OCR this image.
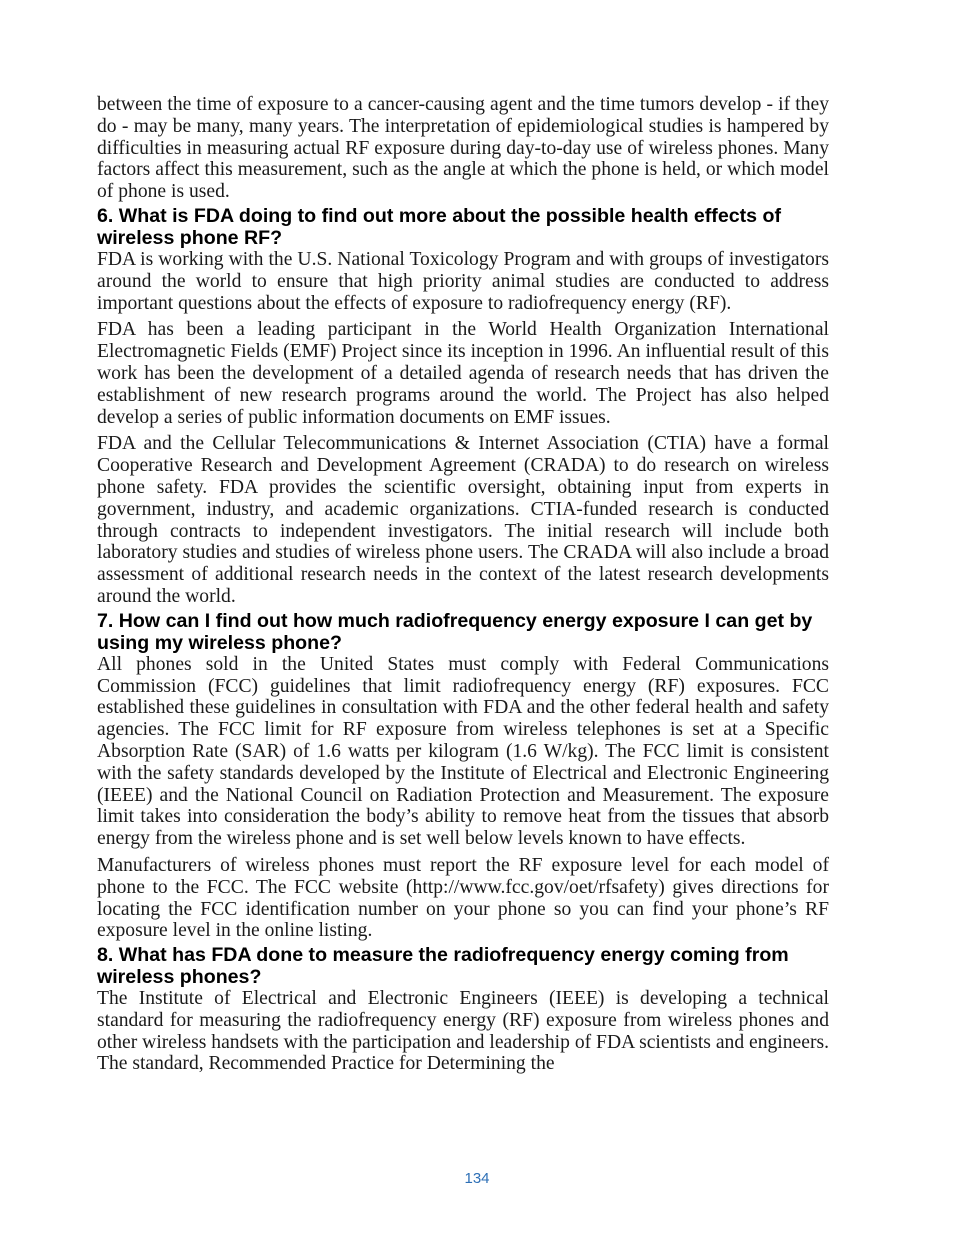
between the time of exposure to a cancer-causing agent and the time tumors develop - if they do - may be many, many years. The interpretation of epidemiological studies is hampered by difficulties in measuring actual RF exposure during day-to-day use of wireless phones. Many factors affect this measurement, such as the angle at which the phone is held, or which model of phone is used.

6. What is FDA doing to find out more about the possible health effects of wireless phone RF?

FDA is working with the U.S. National Toxicology Program and with groups of investigators around the world to ensure that high priority animal studies are conducted to address important questions about the effects of exposure to radiofrequency energy (RF).

FDA has been a leading participant in the World Health Organization International Electromagnetic Fields (EMF) Project since its inception in 1996. An influential result of this work has been the development of a detailed agenda of research needs that has driven the establishment of new research programs around the world. The Project has also helped develop a series of public information documents on EMF issues.

FDA and the Cellular Telecommunications & Internet Association (CTIA) have a formal Cooperative Research and Development Agreement (CRADA) to do research on wireless phone safety. FDA provides the scientific oversight, obtaining input from experts in government, industry, and academic organizations. CTIA-funded research is conducted through contracts to independent investigators. The initial research will include both laboratory studies and studies of wireless phone users. The CRADA will also include a broad assessment of additional research needs in the context of the latest research developments around the world.

7. How can I find out how much radiofrequency energy exposure I can get by using my wireless phone?

All phones sold in the United States must comply with Federal Communications Commission (FCC) guidelines that limit radiofrequency energy (RF) exposures. FCC established these guidelines in consultation with FDA and the other federal health and safety agencies. The FCC limit for RF exposure from wireless telephones is set at a Specific Absorption Rate (SAR) of 1.6 watts per kilogram (1.6 W/kg). The FCC limit is consistent with the safety standards developed by the Institute of Electrical and Electronic Engineering (IEEE) and the National Council on Radiation Protection and Measurement. The exposure limit takes into consideration the body’s ability to remove heat from the tissues that absorb energy from the wireless phone and is set well below levels known to have effects.

Manufacturers of wireless phones must report the RF exposure level for each model of phone to the FCC. The FCC website (http://www.fcc.gov/oet/rfsafety) gives directions for locating the FCC identification number on your phone so you can find your phone’s RF exposure level in the online listing.

8. What has FDA done to measure the radiofrequency energy coming from   wireless phones?

The Institute of Electrical and Electronic Engineers (IEEE) is developing a technical standard for measuring the radiofrequency energy (RF) exposure from wireless phones and other wireless handsets with the participation and leadership of FDA scientists and engineers. The standard, Recommended Practice for Determining the

134
